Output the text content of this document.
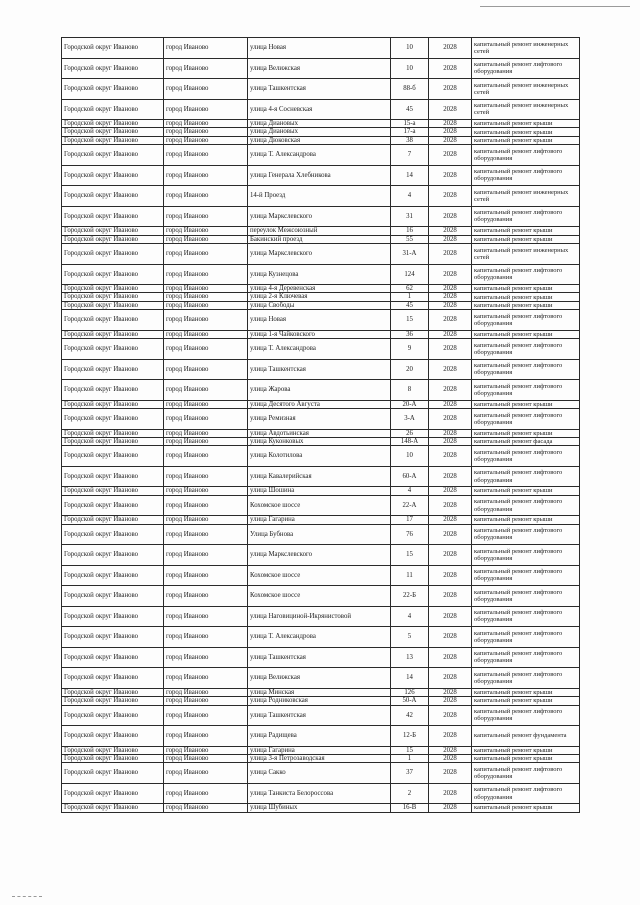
Городской округ Иваново	город Иваново	улица Новая	10	2028	капитальный ремонт инженерных сетей
Городской округ Иваново	город Иваново	улица Велижская	10	2028	капитальный ремонт лифтового оборудования
Городской округ Иваново	город Иваново	улица Ташкентская	88-б	2028	капитальный ремонт инженерных сетей
Городской округ Иваново	город Иваново	улица 4-я Сосневская	45	2028	капитальный ремонт инженерных сетей
Городской округ Иваново	город Иваново	улица Диановых	15-а	2028	капитальный ремонт крыши
Городской округ Иваново	город Иваново	улица Диановых	17-а	2028	капитальный ремонт крыши
Городской округ Иваново	город Иваново	улица Дюковская	38	2028	капитальный ремонт крыши
Городской округ Иваново	город Иваново	улица Т. Александрова	7	2028	капитальный ремонт лифтового оборудования
Городской округ Иваново	город Иваново	улица Генерала Хлебникова	14	2028	капитальный ремонт лифтового оборудования
Городской округ Иваново	город Иваново	14-й Проезд	4	2028	капитальный ремонт инженерных сетей
Городской округ Иваново	город Иваново	улица Маркслевского	31	2028	капитальный ремонт лифтового оборудования
Городской округ Иваново	город Иваново	переулок Межсоюзный	16	2028	капитальный ремонт крыши
Городской округ Иваново	город Иваново	Бакинский проезд	55	2028	капитальный ремонт крыши
Городской округ Иваново	город Иваново	улица Маркслевского	31-А	2028	капитальный ремонт инженерных сетей
Городской округ Иваново	город Иваново	улица Кузнецова	124	2028	капитальный ремонт лифтового оборудования
Городской округ Иваново	город Иваново	улица 4-я Деревенская	62	2028	капитальный ремонт крыши
Городской округ Иваново	город Иваново	улица 2-я Ключевая	1	2028	капитальный ремонт крыши
Городской округ Иваново	город Иваново	улица Свободы	45	2028	капитальный ремонт крыши
Городской округ Иваново	город Иваново	улица Новая	15	2028	капитальный ремонт лифтового оборудования
Городской округ Иваново	город Иваново	улица 1-я Чайковского	36	2028	капитальный ремонт крыши
Городской округ Иваново	город Иваново	улица Т. Александрова	9	2028	капитальный ремонт лифтового оборудования
Городской округ Иваново	город Иваново	улица Ташкентская	20	2028	капитальный ремонт лифтового оборудования
Городской округ Иваново	город Иваново	улица Жарова	8	2028	капитальный ремонт лифтового оборудования
Городской округ Иваново	город Иваново	улица Десятого Августа	20-А	2028	капитальный ремонт крыши
Городской округ Иваново	город Иваново	улица Ремизная	3-А	2028	капитальный ремонт лифтового оборудования
Городской округ Иваново	город Иваново	улица Авдотьинская	26	2028	капитальный ремонт крыши
Городской округ Иваново	город Иваново	улица Куконковых	148-А	2028	капитальный ремонт фасада
Городской округ Иваново	город Иваново	улица Колотилова	10	2028	капитальный ремонт лифтового оборудования
Городской округ Иваново	город Иваново	улица Кавалерийская	60-А	2028	капитальный ремонт лифтового оборудования
Городской округ Иваново	город Иваново	улица Шошина	4	2028	капитальный ремонт крыши
Городской округ Иваново	город Иваново	Кохомское шоссе	22-А	2028	капитальный ремонт лифтового оборудования
Городской округ Иваново	город Иваново	улица Гагарина	17	2028	капитальный ремонт крыши
Городской округ Иваново	город Иваново	Улица Бубнова	76	2028	капитальный ремонт лифтового оборудования
Городской округ Иваново	город Иваново	улица Маркслевского	15	2028	капитальный ремонт лифтового оборудования
Городской округ Иваново	город Иваново	Кохомское шоссе	11	2028	капитальный ремонт лифтового оборудования
Городской округ Иваново	город Иваново	Кохомское шоссе	22-Б	2028	капитальный ремонт лифтового оборудования
Городской округ Иваново	город Иваново	улица Наговициной-Икрянистовой	4	2028	капитальный ремонт лифтового оборудования
Городской округ Иваново	город Иваново	улица Т. Александрова	5	2028	капитальный ремонт лифтового оборудования
Городской округ Иваново	город Иваново	улица Ташкентская	13	2028	капитальный ремонт лифтового оборудования
Городской округ Иваново	город Иваново	улица Велижская	14	2028	капитальный ремонт лифтового оборудования
Городской округ Иваново	город Иваново	улица Минская	126	2028	капитальный ремонт крыши
Городской округ Иваново	город Иваново	улица Родниковская	50-А	2028	капитальный ремонт крыши
Городской округ Иваново	город Иваново	улица Ташкентская	42	2028	капитальный ремонт лифтового оборудования
Городской округ Иваново	город Иваново	улица Радищева	12-Б	2028	капитальный ремонт фундамента
Городской округ Иваново	город Иваново	улица Гагарина	15	2028	капитальный ремонт крыши
Городской округ Иваново	город Иваново	улица 3-я Петрозаводская	1	2028	капитальный ремонт крыши
Городской округ Иваново	город Иваново	улица Сакко	37	2028	капитальный ремонт лифтового оборудования
Городской округ Иваново	город Иваново	улица Танкиста Белороссова	2	2028	капитальный ремонт лифтового оборудования
Городской округ Иваново	город Иваново	улица Шубиных	16-В	2028	капитальный ремонт крыши
